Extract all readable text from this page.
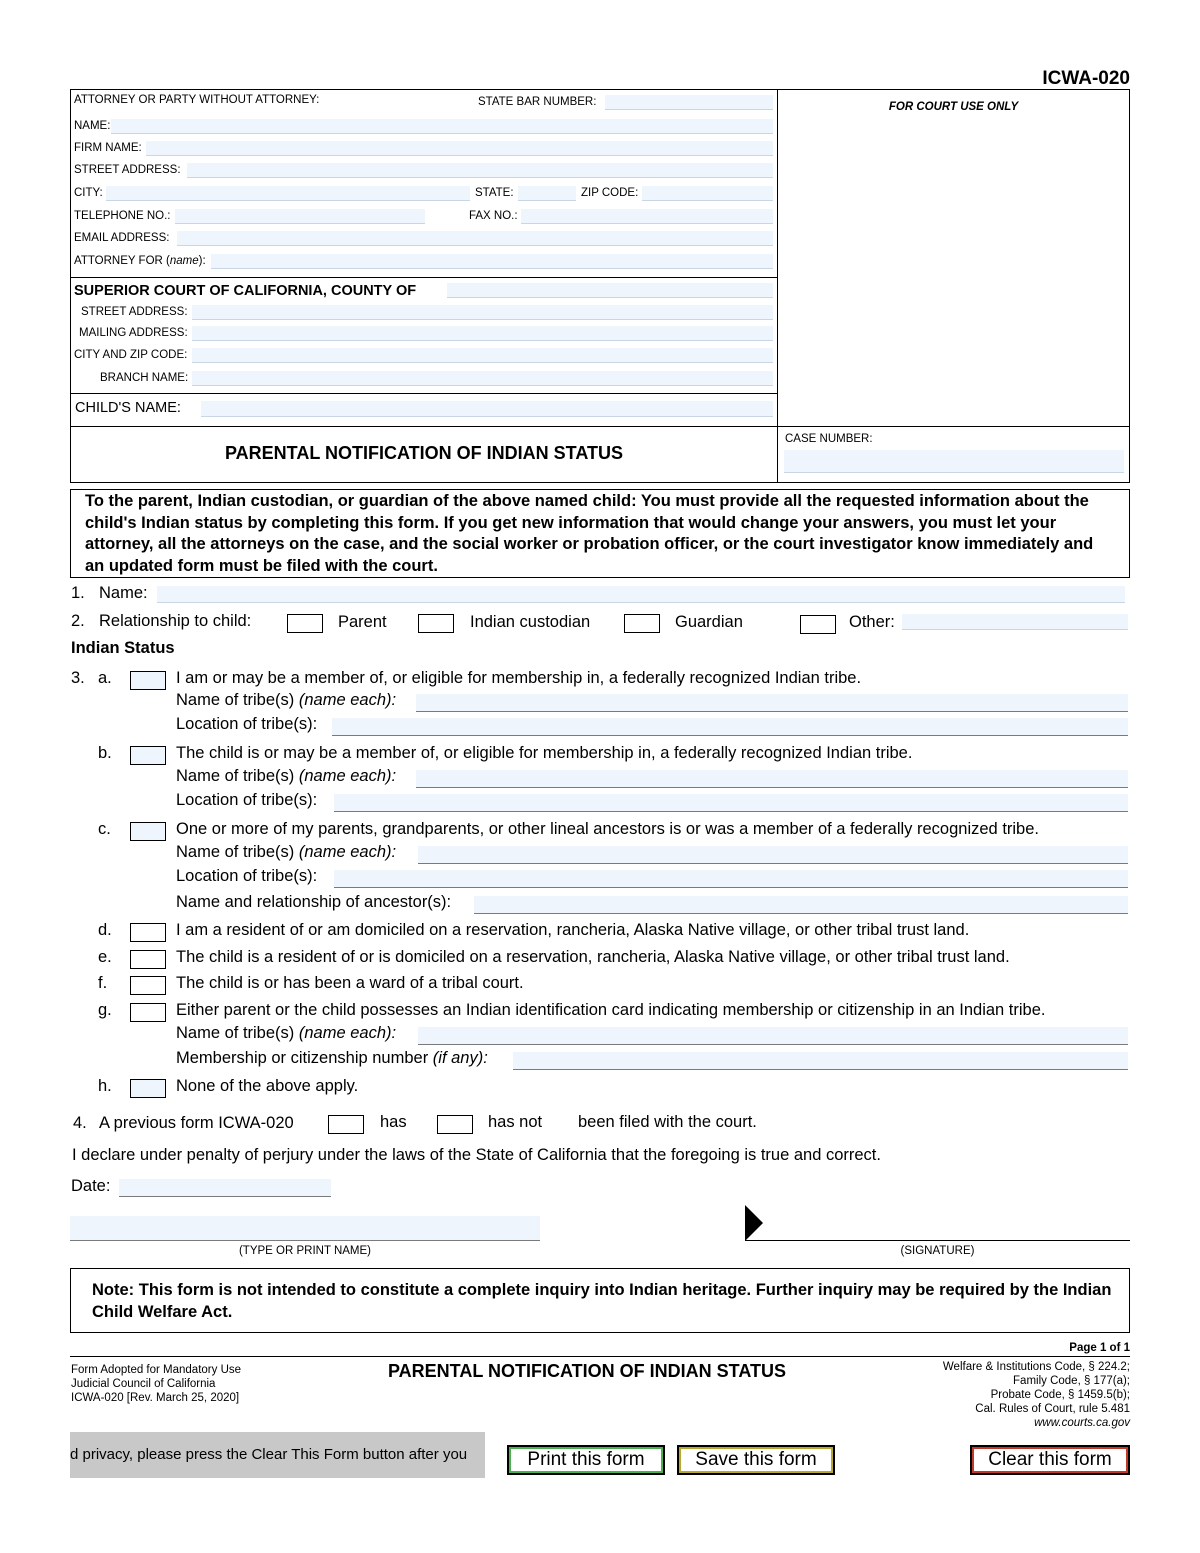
ICWA-020
FOR COURT USE ONLY
ATTORNEY OR PARTY WITHOUT ATTORNEY:	STATE BAR NUMBER:
NAME:
FIRM NAME:
STREET ADDRESS:
CITY:	STATE:	ZIP CODE:
TELEPHONE NO.:	FAX NO.:
EMAIL ADDRESS:
ATTORNEY FOR (name):
SUPERIOR COURT OF CALIFORNIA, COUNTY OF
STREET ADDRESS:
MAILING ADDRESS:
CITY AND ZIP CODE:
BRANCH NAME:
CHILD'S NAME:
PARENTAL NOTIFICATION OF INDIAN STATUS
CASE NUMBER:
To the parent, Indian custodian, or guardian of the above named child: You must provide all the requested information about the child's Indian status by completing this form. If you get new information that would change your answers, you must let your attorney, all the attorneys on the case, and the social worker or probation officer, or the court investigator know immediately and an updated form must be filed with the court.
1. Name:
2. Relationship to child:	Parent	Indian custodian	Guardian	Other:
Indian Status
3. a.	I am or may be a member of, or eligible for membership in, a federally recognized Indian tribe.
Name of tribe(s) (name each):
Location of tribe(s):
b.	The child is or may be a member of, or eligible for membership in, a federally recognized Indian tribe.
Name of tribe(s) (name each):
Location of tribe(s):
c.	One or more of my parents, grandparents, or other lineal ancestors is or was a member of a federally recognized tribe.
Name of tribe(s) (name each):
Location of tribe(s):
Name and relationship of ancestor(s):
d.	I am a resident of or am domiciled on a reservation, rancheria, Alaska Native village, or other tribal trust land.
e.	The child is a resident of or is domiciled on a reservation, rancheria, Alaska Native village, or other tribal trust land.
f.	The child is or has been a ward of a tribal court.
g.	Either parent or the child possesses an Indian identification card indicating membership or citizenship in an Indian tribe.
Name of tribe(s) (name each):
Membership or citizenship number (if any):
h.	None of the above apply.
4. A previous form ICWA-020	has	has not been filed with the court.
I declare under penalty of perjury under the laws of the State of California that the foregoing is true and correct.
Date:
(TYPE OR PRINT NAME)	(SIGNATURE)
Note: This form is not intended to constitute a complete inquiry into Indian heritage. Further inquiry may be required by the Indian Child Welfare Act.
Page 1 of 1
Form Adopted for Mandatory Use
Judicial Council of California
ICWA-020 [Rev. March 25, 2020]
PARENTAL NOTIFICATION OF INDIAN STATUS	Welfare & Institutions Code, § 224.2;
Family Code, § 177(a);
Probate Code, § 1459.5(b);
Cal. Rules of Court, rule 5.481
www.courts.ca.gov
d privacy, please press the Clear This Form button after you	Print this form	Save this form	Clear this form
